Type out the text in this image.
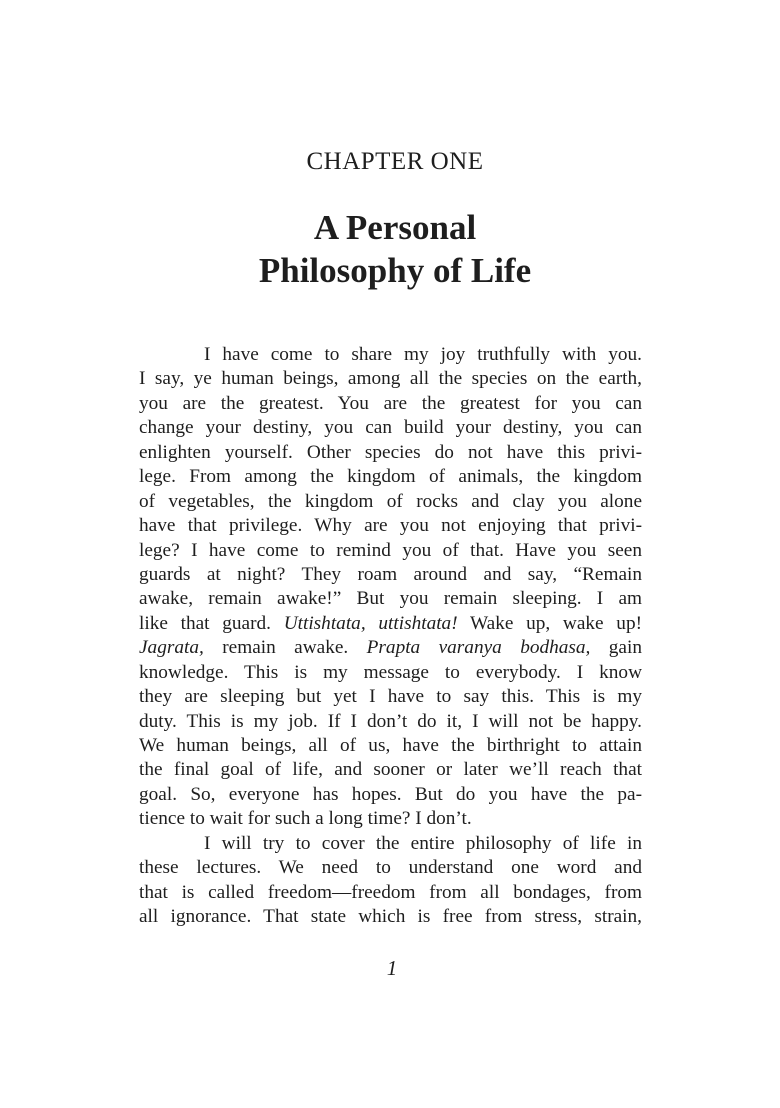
CHAPTER ONE
A Personal
Philosophy of Life
I have come to share my joy truthfully with you.
I say, ye human beings, among all the species on the earth,
you are the greatest. You are the greatest for you can
change your destiny, you can build your destiny, you can
enlighten yourself. Other species do not have this privi-
lege. From among the kingdom of animals, the kingdom
of vegetables, the kingdom of rocks and clay you alone
have that privilege. Why are you not enjoying that privi-
lege? I have come to remind you of that. Have you seen
guards at night? They roam around and say, “Remain
awake, remain awake!” But you remain sleeping. I am
like that guard. Uttishtata, uttishtata! Wake up, wake up!
Jagrata, remain awake. Prapta varanya bodhasa, gain
knowledge. This is my message to everybody. I know
they are sleeping but yet I have to say this. This is my
duty. This is my job. If I don’t do it, I will not be happy.
We human beings, all of us, have the birthright to attain
the final goal of life, and sooner or later we’ll reach that
goal. So, everyone has hopes. But do you have the pa-
tience to wait for such a long time? I don’t.
I will try to cover the entire philosophy of life in
these lectures. We need to understand one word and
that is called freedom—freedom from all bondages, from
all ignorance. That state which is free from stress, strain,
1
